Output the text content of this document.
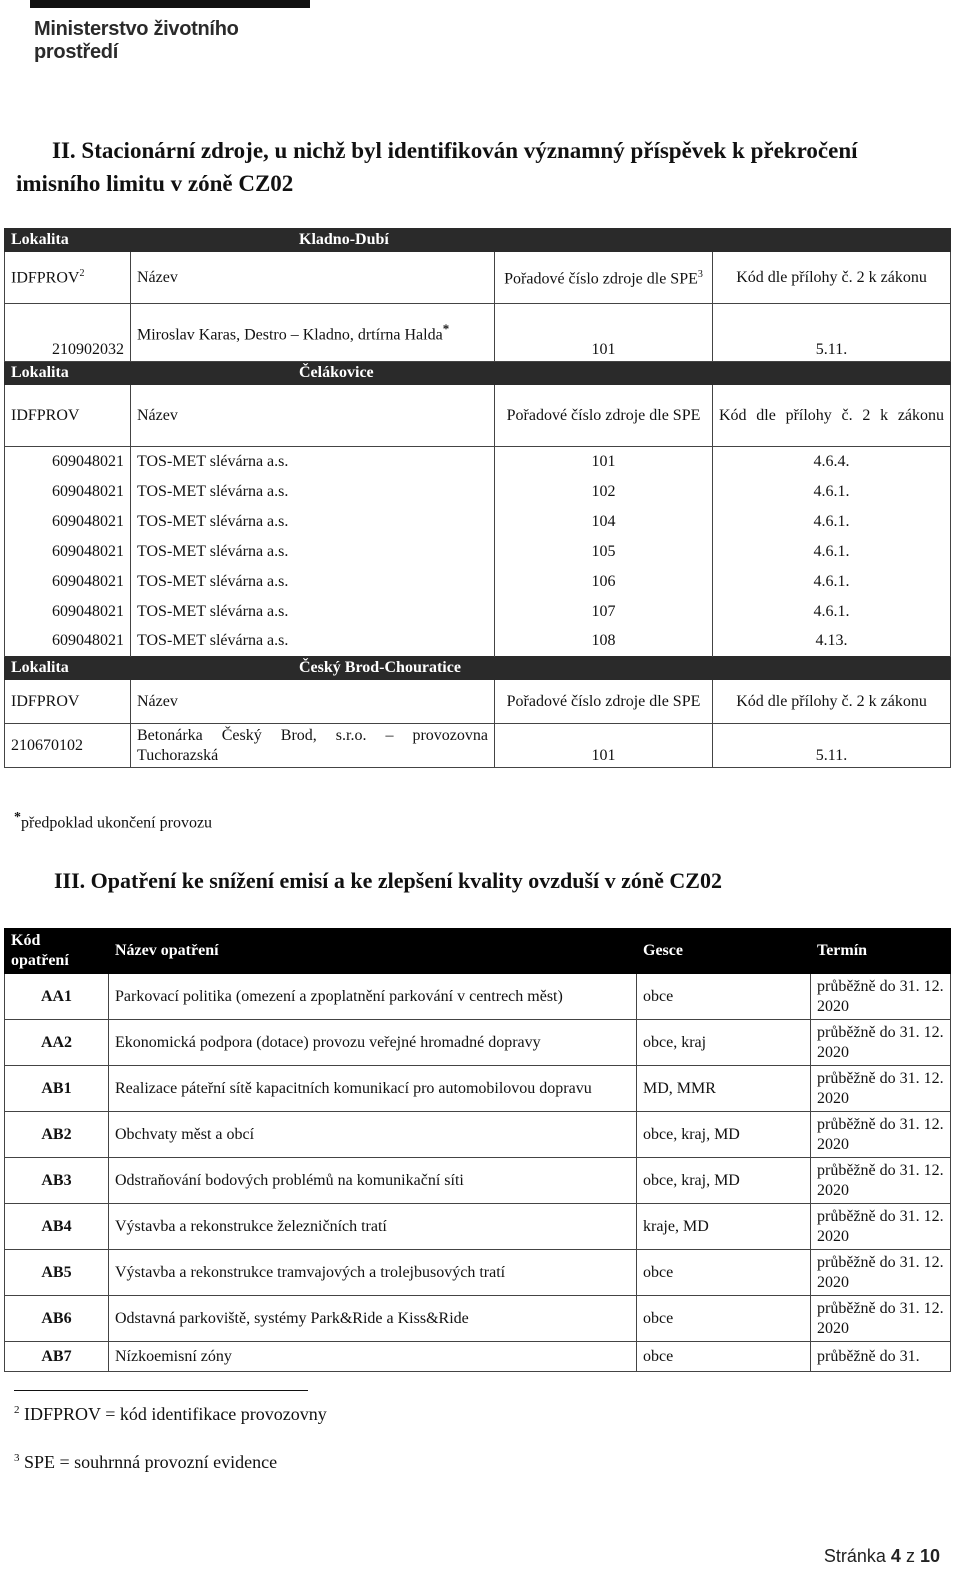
Ministerstvo životního prostředí
II. Stacionární zdroje, u nichž byl identifikován významný příspěvek k překročení
imisního limitu v zóně CZ02
Lokalita		Kladno-Dubí		
IDFPROV$^2$	Název		Pořadové číslo zdroje dle SPE$^3$	Kód dle přílohy č. 2 k zákonu
210902032	Miroslav Karas, Destro – Kladno, drtírna Halda*		101	5.11.
Lokalita		Čelákovice		
IDFPROV	Název		Pořadové číslo zdroje dle SPE	Kód dle přílohy č. 2 k zákonu
609048021	TOS-MET slévárna a.s.		101	4.6.4.
609048021	TOS-MET slévárna a.s.		102	4.6.1.
609048021	TOS-MET slévárna a.s.		104	4.6.1.
609048021	TOS-MET slévárna a.s.		105	4.6.1.
609048021	TOS-MET slévárna a.s.		106	4.6.1.
609048021	TOS-MET slévárna a.s.		107	4.6.1.
609048021	TOS-MET slévárna a.s.		108	4.13.
Lokalita		Český Brod-Chouratice		
IDFPROV	Název		Pořadové číslo zdroje dle SPE	Kód dle přílohy č. 2 k zákonu
210670102	Betonárka Český Brod, s.r.o. – provozovna Tuchorazská		101	5.11.
*předpoklad ukončení provozu
III. Opatření ke snížení emisí a ke zlepšení kvality ovzduší v zóně CZ02
Kód opatření	Název opatření	Gesce	Termín
AA1	Parkovací politika (omezení a zpoplatnění parkování v centrech měst)	obce	průběžně do 31. 12. 2020
AA2	Ekonomická podpora (dotace) provozu veřejné hromadné dopravy	obce, kraj	průběžně do 31. 12. 2020
AB1	Realizace páteřní sítě kapacitních komunikací pro automobilovou dopravu	MD, MMR	průběžně do 31. 12. 2020
AB2	Obchvaty měst a obcí	obce, kraj, MD	průběžně do 31. 12. 2020
AB3	Odstraňování bodových problémů na komunikační síti	obce, kraj, MD	průběžně do 31. 12. 2020
AB4	Výstavba a rekonstrukce železničních tratí	kraje, MD	průběžně do 31. 12. 2020
AB5	Výstavba a rekonstrukce tramvajových a trolejbusových tratí	obce	průběžně do 31. 12. 2020
AB6	Odstavná parkoviště, systémy Park&Ride a Kiss&Ride	obce	průběžně do 31. 12. 2020
AB7	Nízkoemisní zóny	obce	průběžně do 31.
$^2$ IDFPROV = kód identifikace provozovny
$^3$ SPE = souhrnná provozní evidence
Stránka 4 z 10
